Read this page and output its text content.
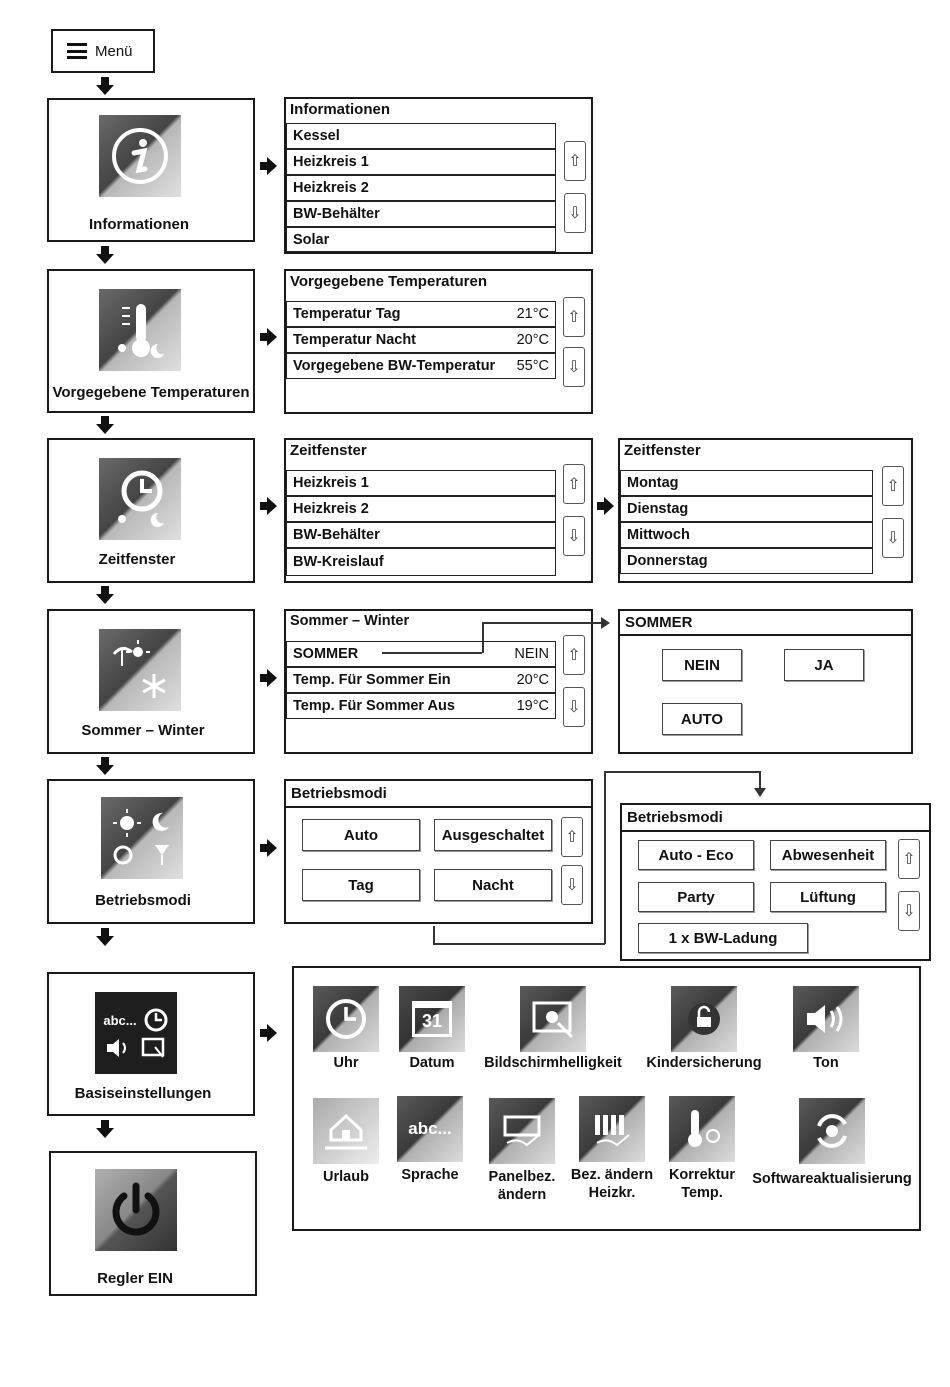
Menü
Informationen
Informationen
Kessel
Heizkreis 1
Heizkreis 2
BW-Behälter
Solar
⇧
⇩
Vorgegebene Temperaturen
Vorgegebene Temperaturen
Temperatur Tag	21°C
Temperatur Nacht	20°C
Vorgegebene BW-Temperatur 55°C
⇧
⇩
Zeitfenster
Zeitfenster
Heizkreis 1
Heizkreis 2
BW-Behälter
BW-Kreislauf
⇧
⇩
Zeitfenster
Montag
Dienstag
Mittwoch
Donnerstag
⇧
⇩
Sommer – Winter
Sommer – Winter
SOMMER	NEIN
Temp. Für Sommer Ein	20°C
Temp. Für Sommer Aus	19°C
⇧
⇩
SOMMER
NEIN	JA
AUTO
Betriebsmodi
Betriebsmodi
Auto	Ausgeschaltet
Tag	Nacht
⇧
⇩
Betriebsmodi
Auto - Eco	Abwesenheit
Party	Lüftung
1 x BW-Ladung
⇧
⇩
abc...
Basiseinstellungen
Uhr
31
Datum	Bildschirmhelligkeit	Kindersicherung	Ton
Urlaub
abc...
Sprache	Panelbez. ändern
Bez. ändern Heizkr.
Korrektur Temp.
Softwareaktualisierung
Regler EIN
